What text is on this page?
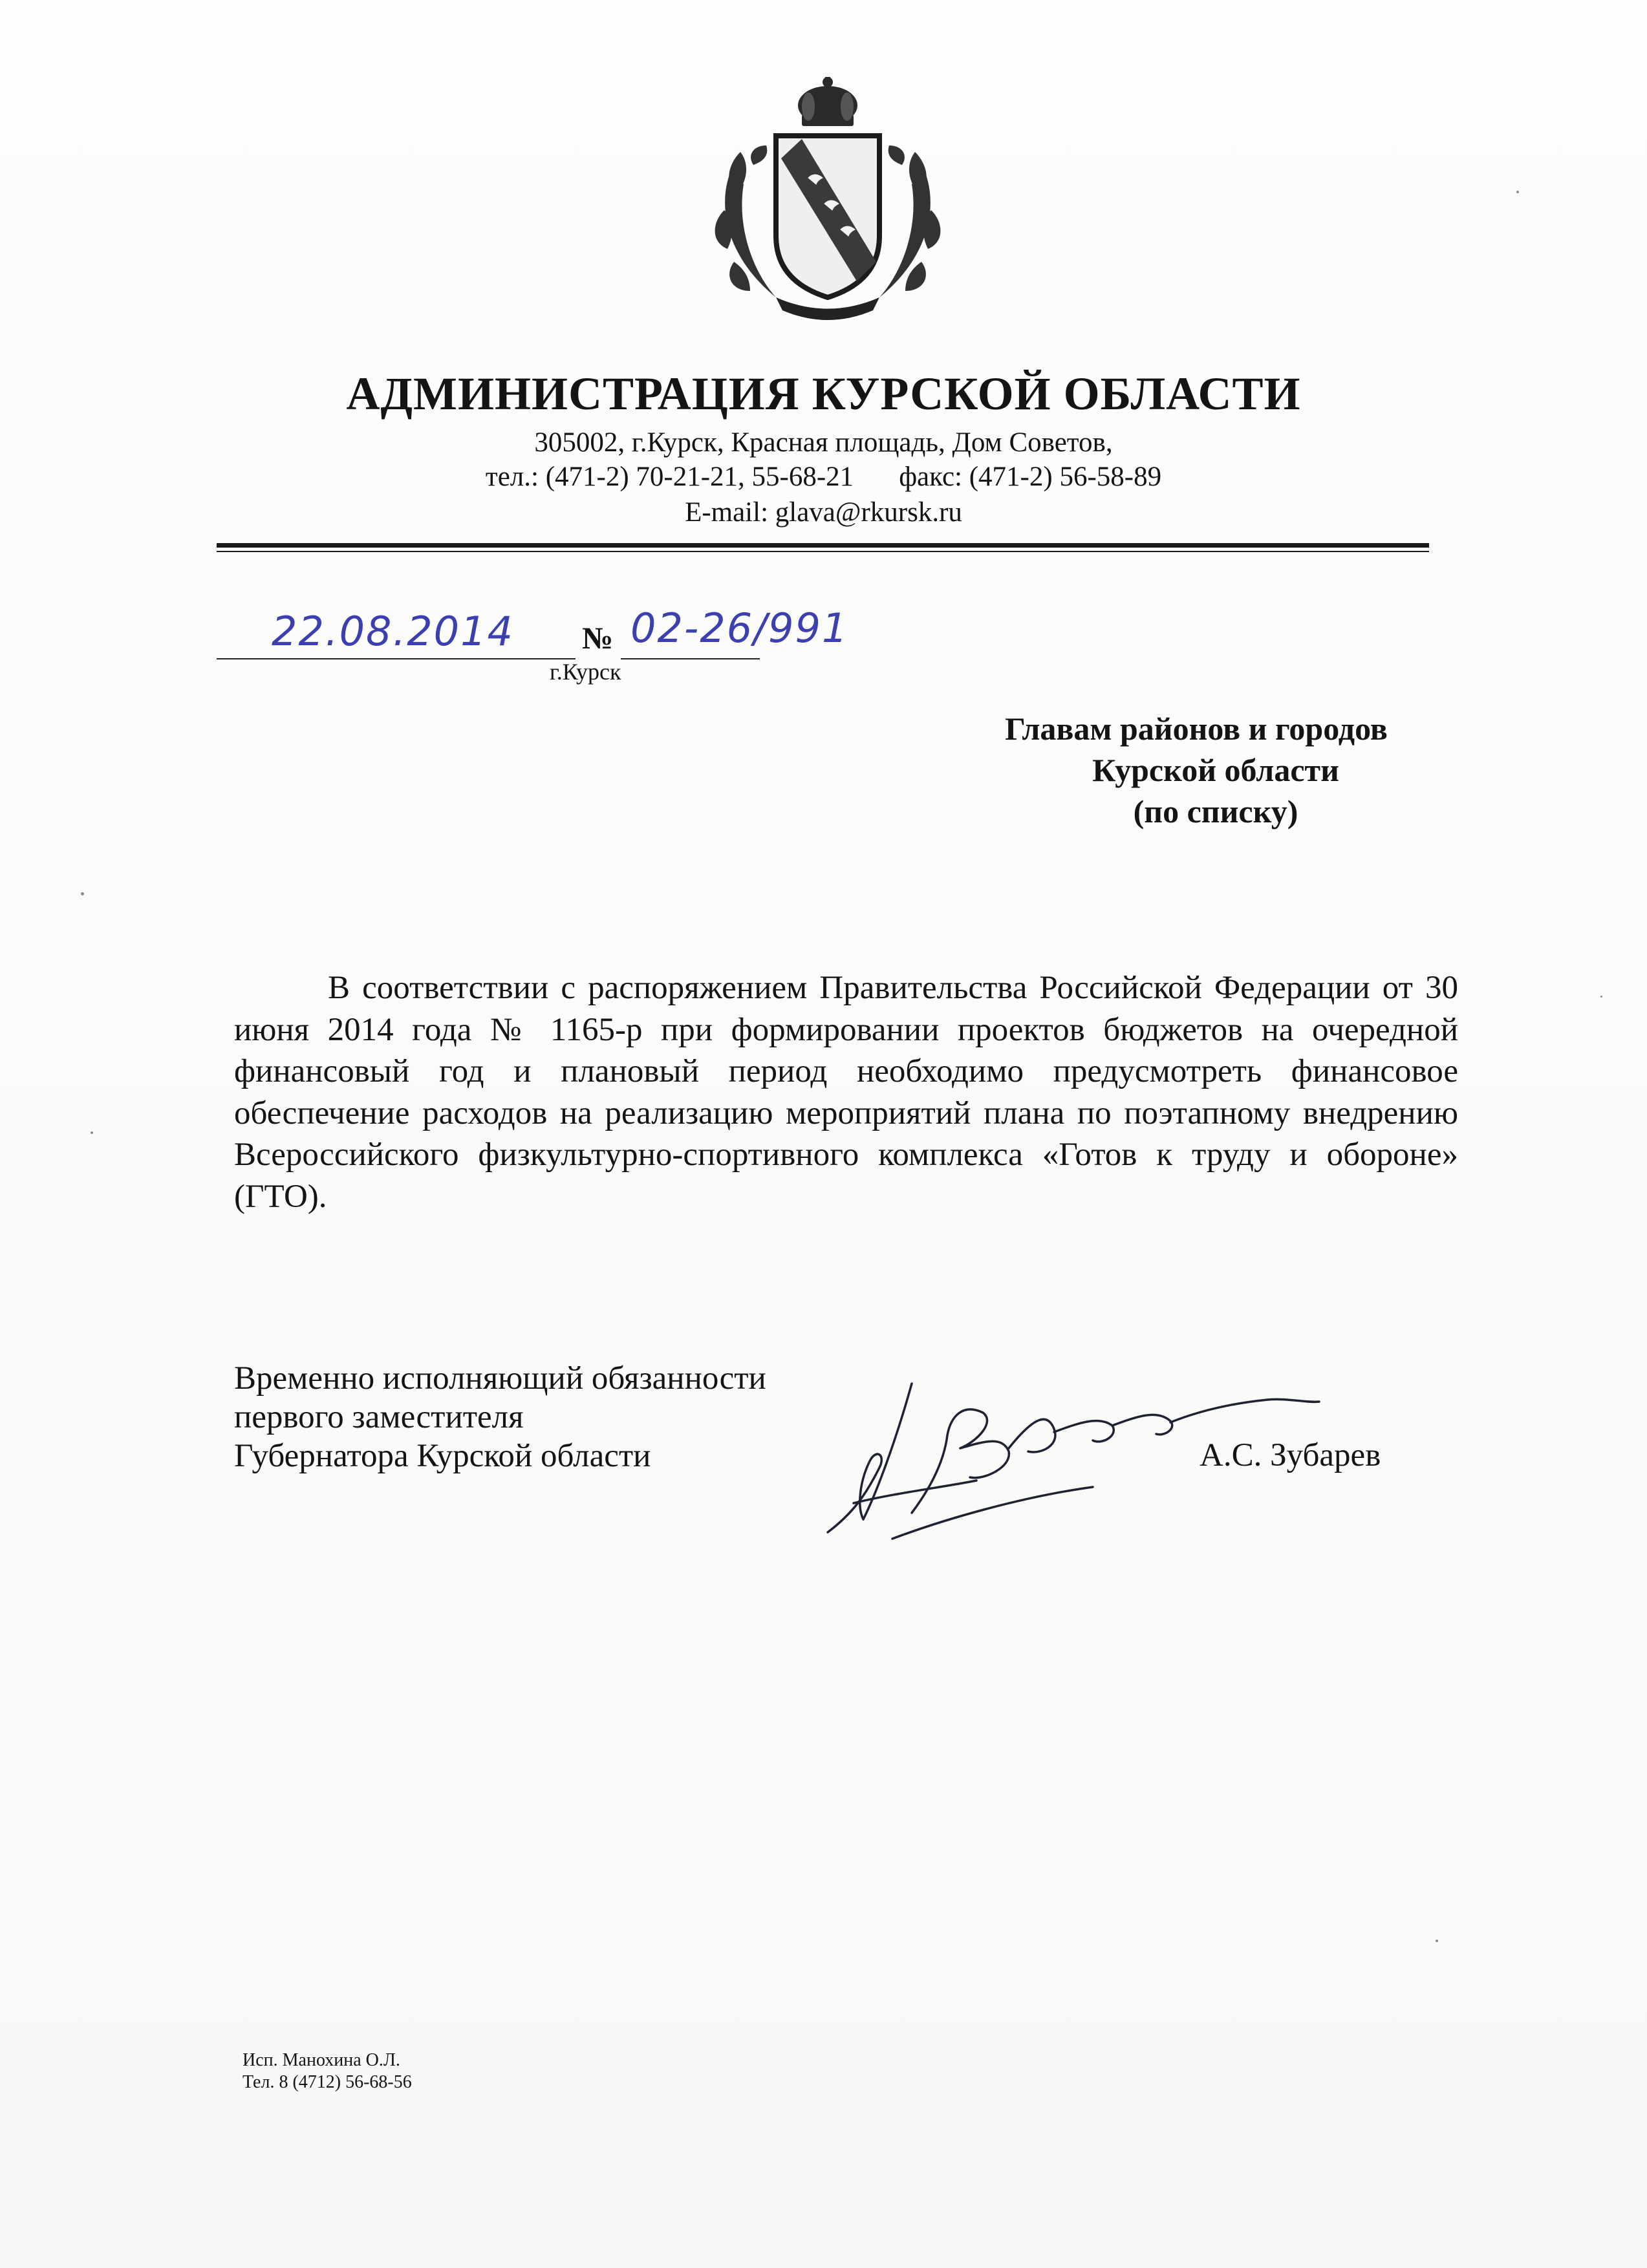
АДМИНИСТРАЦИЯ КУРСКОЙ ОБЛАСТИ
305002, г.Курск, Красная площадь, Дом Советов,
тел.: (471-2) 70-21-21, 55-68-21 факс: (471-2) 56-58-89
E-mail: glava@rkursk.ru
22.08.2014 № 02-26/991
г.Курск
Главам районов и городов
Курской области
(по списку)
В соответствии с распоряжением Правительства Российской Федерации от 30 июня 2014 года № 1165-р при формировании проектов бюджетов на очередной финансовый год и плановый период необходимо предусмотреть финансовое обеспечение расходов на реализацию мероприятий плана по поэтапному внедрению Всероссийского физкультурно-спортивного комплекса «Готов к труду и обороне» (ГТО).
Временно исполняющий обязанности
первого заместителя
Губернатора Курской области	А.С. Зубарев
Исп. Манохина О.Л.
Тел. 8 (4712) 56-68-56
